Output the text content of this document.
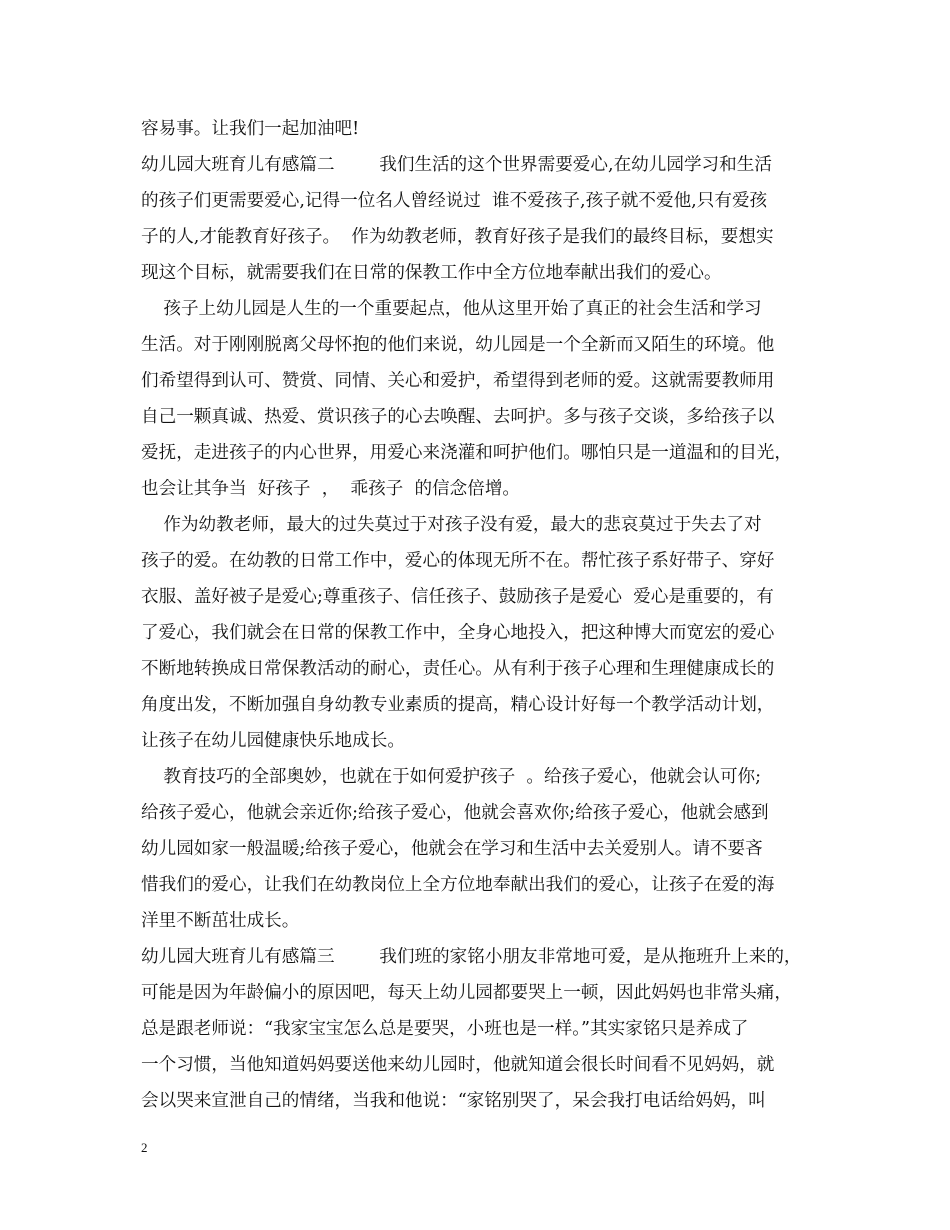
容易事。让我们一起加油吧!
幼儿园大班育儿有感篇二        我们生活的这个世界需要爱心,在幼儿园学习和生活
的孩子们更需要爱心,记得一位名人曾经说过  谁不爱孩子,孩子就不爱他,只有爱孩
子的人,才能教育好孩子。  作为幼教老师，教育好孩子是我们的最终目标，要想实
现这个目标，就需要我们在日常的保教工作中全方位地奉献出我们的爱心。
孩子上幼儿园是人生的一个重要起点，他从这里开始了真正的社会生活和学习
生活。对于刚刚脱离父母怀抱的他们来说，幼儿园是一个全新而又陌生的环境。他
们希望得到认可、赞赏、同情、关心和爱护，希望得到老师的爱。这就需要教师用
自己一颗真诚、热爱、赏识孩子的心去唤醒、去呵护。多与孩子交谈，多给孩子以
爱抚，走进孩子的内心世界，用爱心来浇灌和呵护他们。哪怕只是一道温和的目光，
也会让其争当  好孩子  ，  乖孩子  的信念倍增。
作为幼教老师，最大的过失莫过于对孩子没有爱，最大的悲哀莫过于失去了对
孩子的爱。在幼教的日常工作中，爱心的体现无所不在。帮忙孩子系好带子、穿好
衣服、盖好被子是爱心;尊重孩子、信任孩子、鼓励孩子是爱心  爱心是重要的，有
了爱心，我们就会在日常的保教工作中，全身心地投入，把这种博大而宽宏的爱心
不断地转换成日常保教活动的耐心，责任心。从有利于孩子心理和生理健康成长的
角度出发，不断加强自身幼教专业素质的提高，精心设计好每一个教学活动计划，
让孩子在幼儿园健康快乐地成长。
教育技巧的全部奥妙，也就在于如何爱护孩子  。给孩子爱心，他就会认可你;
给孩子爱心，他就会亲近你;给孩子爱心，他就会喜欢你;给孩子爱心，他就会感到
幼儿园如家一般温暖;给孩子爱心，他就会在学习和生活中去关爱别人。请不要吝
惜我们的爱心，让我们在幼教岗位上全方位地奉献出我们的爱心，让孩子在爱的海
洋里不断茁壮成长。
幼儿园大班育儿有感篇三        我们班的家铭小朋友非常地可爱，是从拖班升上来的，
可能是因为年龄偏小的原因吧，每天上幼儿园都要哭上一顿，因此妈妈也非常头痛，
总是跟老师说：“我家宝宝怎么总是要哭，小班也是一样。”其实家铭只是养成了
一个习惯，当他知道妈妈要送他来幼儿园时，他就知道会很长时间看不见妈妈，就
会以哭来宣泄自己的情绪，当我和他说：“家铭别哭了，呆会我打电话给妈妈，叫
2
